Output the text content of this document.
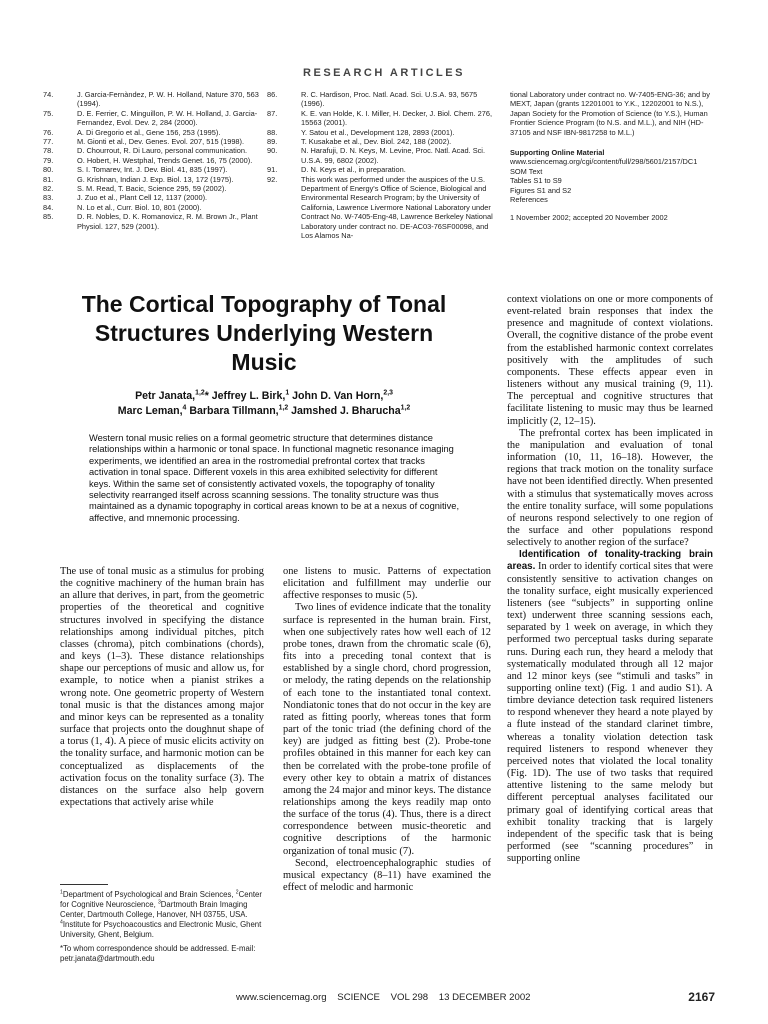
RESEARCH ARTICLES
74.	J. Garcia-Fernàndez, P. W. H. Holland, Nature 370, 563 (1994).
75.	D. E. Ferrier, C. Minguillon, P. W. H. Holland, J. Garcia-Fernandez, Evol. Dev. 2, 284 (2000).
76.	A. Di Gregorio et al., Gene 156, 253 (1995).
77.	M. Gionti et al., Dev. Genes. Evol. 207, 515 (1998).
78.	D. Chourrout, R. Di Lauro, personal communication.
79.	O. Hobert, H. Westphal, Trends Genet. 16, 75 (2000).
80.	S. I. Tomarev, Int. J. Dev. Biol. 41, 835 (1997).
81.	G. Krishnan, Indian J. Exp. Biol. 13, 172 (1975).
82.	S. M. Read, T. Bacic, Science 295, 59 (2002).
83.	J. Zuo et al., Plant Cell 12, 1137 (2000).
84.	N. Lo et al., Curr. Biol. 10, 801 (2000).
85.	D. R. Nobles, D. K. Romanovicz, R. M. Brown Jr., Plant Physiol. 127, 529 (2001).
86.	R. C. Hardison, Proc. Natl. Acad. Sci. U.S.A. 93, 5675 (1996).
87.	K. E. van Holde, K. I. Miller, H. Decker, J. Biol. Chem. 276, 15563 (2001).
88.	Y. Satou et al., Development 128, 2893 (2001).
89.	T. Kusakabe et al., Dev. Biol. 242, 188 (2002).
90.	N. Harafuji, D. N. Keys, M. Levine, Proc. Natl. Acad. Sci. U.S.A. 99, 6802 (2002).
91.	D. N. Keys et al., in preparation.
92.	This work was performed under the auspices of the U.S. Department of Energy's Office of Science, Biological and Environmental Research Program; by the University of California, Lawrence Livermore National Laboratory under Contract No. W-7405-Eng-48, Lawrence Berkeley National Laboratory under contract no. DE-AC03-76SF00098, and Los Alamos Na-
tional Laboratory under contract no. W-7405-ENG-36; and by MEXT, Japan (grants 12201001 to Y.K., 12202001 to N.S.), Japan Society for the Promotion of Science (to Y.S.), Human Frontier Science Program (to N.S. and M.L.), and NIH (HD-37105 and NSF IBN-9817258 to M.L.)
Supporting Online Material
www.sciencemag.org/cgi/content/full/298/5601/2157/DC1
SOM Text
Tables S1 to S9
Figures S1 and S2
References
1 November 2002; accepted 20 November 2002
The Cortical Topography of Tonal Structures Underlying Western Music
Petr Janata,$^{1,2}$* Jeffrey L. Birk,$^1$ John D. Van Horn,$^{2,3}$
Marc Leman,$^4$ Barbara Tillmann,$^{1,2}$ Jamshed J. Bharucha$^{1,2}$
Western tonal music relies on a formal geometric structure that determines distance relationships within a harmonic or tonal space. In functional magnetic resonance imaging experiments, we identified an area in the rostromedial prefrontal cortex that tracks activation in tonal space. Different voxels in this area exhibited selectivity for different keys. Within the same set of consistently activated voxels, the topography of tonality selectivity rearranged itself across scanning sessions. The tonality structure was thus maintained as a dynamic topography in cortical areas known to be at a nexus of cognitive, affective, and mnemonic processing.

The use of tonal music as a stimulus for probing the cognitive machinery of the human brain has an allure that derives, in part, from the geometric properties of the theoretical and cognitive structures involved in specifying the distance relationships among individual pitches, pitch classes (chroma), pitch combinations (chords), and keys (1–3). These distance relationships shape our perceptions of music and allow us, for example, to notice when a pianist strikes a wrong note. One geometric property of Western tonal music is that the distances among major and minor keys can be represented as a tonality surface that projects onto the doughnut shape of a torus (1, 4). A piece of music elicits activity on the tonality surface, and harmonic motion can be conceptualized as displacements of the activation focus on the tonality surface (3). The distances on the surface also help govern expectations that actively arise while

one listens to music. Patterns of expectation elicitation and fulfillment may underlie our affective responses to music (5).

Two lines of evidence indicate that the tonality surface is represented in the human brain. First, when one subjectively rates how well each of 12 probe tones, drawn from the chromatic scale (6), fits into a preceding tonal context that is established by a single chord, chord progression, or melody, the rating depends on the relationship of each tone to the instantiated tonal context. Nondiatonic tones that do not occur in the key are rated as fitting poorly, whereas tones that form part of the tonic triad (the defining chord of the key) are judged as fitting best (2). Probe-tone profiles obtained in this manner for each key can then be correlated with the probe-tone profile of every other key to obtain a matrix of distances among the 24 major and minor keys. The distance relationships among the keys readily map onto the surface of the torus (4). Thus, there is a direct correspondence between music-theoretic and cognitive descriptions of the harmonic organization of tonal music (7).

Second, electroencephalographic studies of musical expectancy (8–11) have examined the effect of melodic and harmonic

context violations on one or more components of event-related brain responses that index the presence and magnitude of context violations. Overall, the cognitive distance of the probe event from the established harmonic context correlates positively with the amplitudes of such components. These effects appear even in listeners without any musical training (9, 11). The perceptual and cognitive structures that facilitate listening to music may thus be learned implicitly (2, 12–15).

The prefrontal cortex has been implicated in the manipulation and evaluation of tonal information (10, 11, 16–18). However, the regions that track motion on the tonality surface have not been identified directly. When presented with a stimulus that systematically moves across the entire tonality surface, will some populations of neurons respond selectively to one region of the surface and other populations respond selectively to another region of the surface?

Identification of tonality-tracking brain areas. In order to identify cortical sites that were consistently sensitive to activation changes on the tonality surface, eight musically experienced listeners (see “subjects” in supporting online text) underwent three scanning sessions each, separated by 1 week on average, in which they performed two perceptual tasks during separate runs. During each run, they heard a melody that systematically modulated through all 12 major and 12 minor keys (see “stimuli and tasks” in supporting online text) (Fig. 1 and audio S1). A timbre deviance detection task required listeners to respond whenever they heard a note played by a flute instead of the standard clarinet timbre, whereas a tonality violation detection task required listeners to respond whenever they perceived notes that violated the local tonality (Fig. 1D). The use of two tasks that required attentive listening to the same melody but different perceptual analyses facilitated our primary goal of identifying cortical areas that exhibit tonality tracking that is largely independent of the specific task that is being performed (see “scanning procedures” in supporting online

$^1$Department of Psychological and Brain Sciences, $^2$Center for Cognitive Neuroscience, $^3$Dartmouth Brain Imaging Center, Dartmouth College, Hanover, NH 03755, USA. $^4$Institute for Psychoacoustics and Electronic Music, Ghent University, Ghent, Belgium.

*To whom correspondence should be addressed. E-mail: petr.janata@dartmouth.edu

www.sciencemag.org    SCIENCE    VOL 298    13 DECEMBER 2002	2167
